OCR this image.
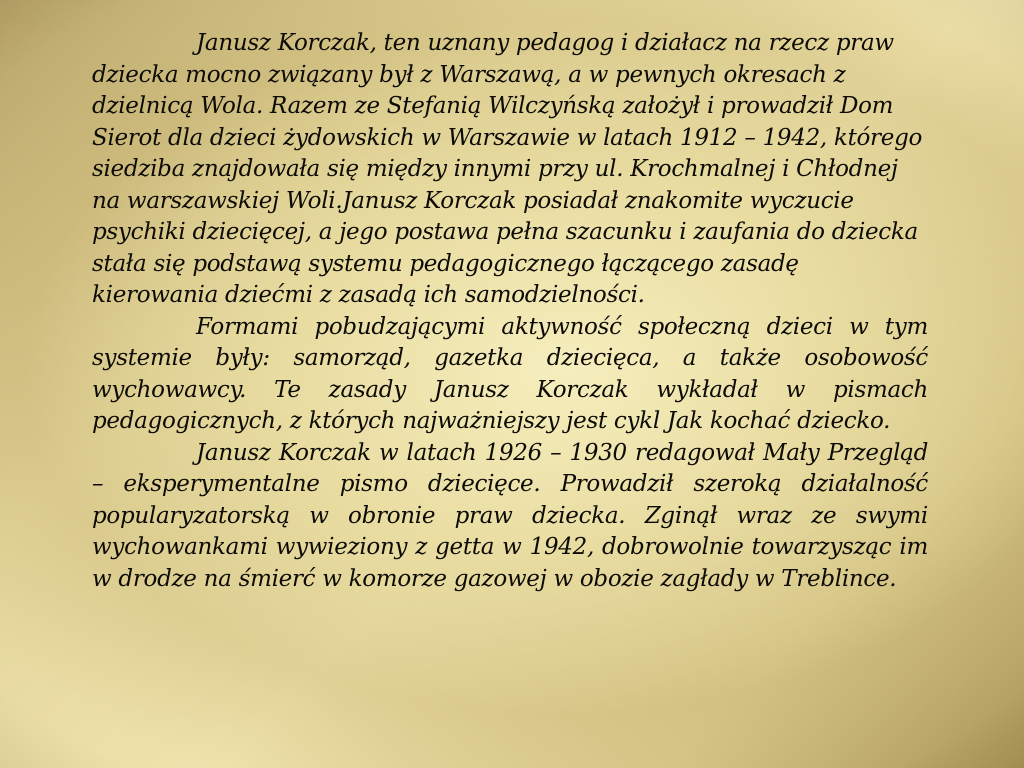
Janusz Korczak, ten uznany pedagog i działacz na rzecz praw dziecka mocno związany był z Warszawą, a w pewnych okresach z dzielnicą Wola. Razem ze Stefanią Wilczyńską założył i prowadził Dom Sierot dla dzieci żydowskich w Warszawie w latach 1912 – 1942, którego siedziba znajdowała się między innymi przy ul. Krochmalnej i Chłodnej na warszawskiej Woli.Janusz Korczak posiadał znakomite wyczucie psychiki dziecięcej, a jego postawa pełna szacunku i zaufania do dziecka stała się podstawą systemu pedagogicznego łączącego zasadę kierowania dziećmi z zasadą ich samodzielności.

Formami pobudzającymi aktywność społeczną dzieci w tym systemie były: samorząd, gazetka dziecięca, a także osobowość wychowawcy. Te zasady Janusz Korczak wykładał w pismach pedagogicznych, z których najważniejszy jest cykl Jak kochać dziecko.

Janusz Korczak w latach 1926 – 1930 redagował Mały Przegląd – eksperymentalne pismo dziecięce. Prowadził szeroką działalność popularyzatorską w obronie praw dziecka. Zginął wraz ze swymi wychowankami wywieziony z getta w 1942, dobrowolnie towarzysząc im w drodze na śmierć w komorze gazowej w obozie zagłady w Treblince.
